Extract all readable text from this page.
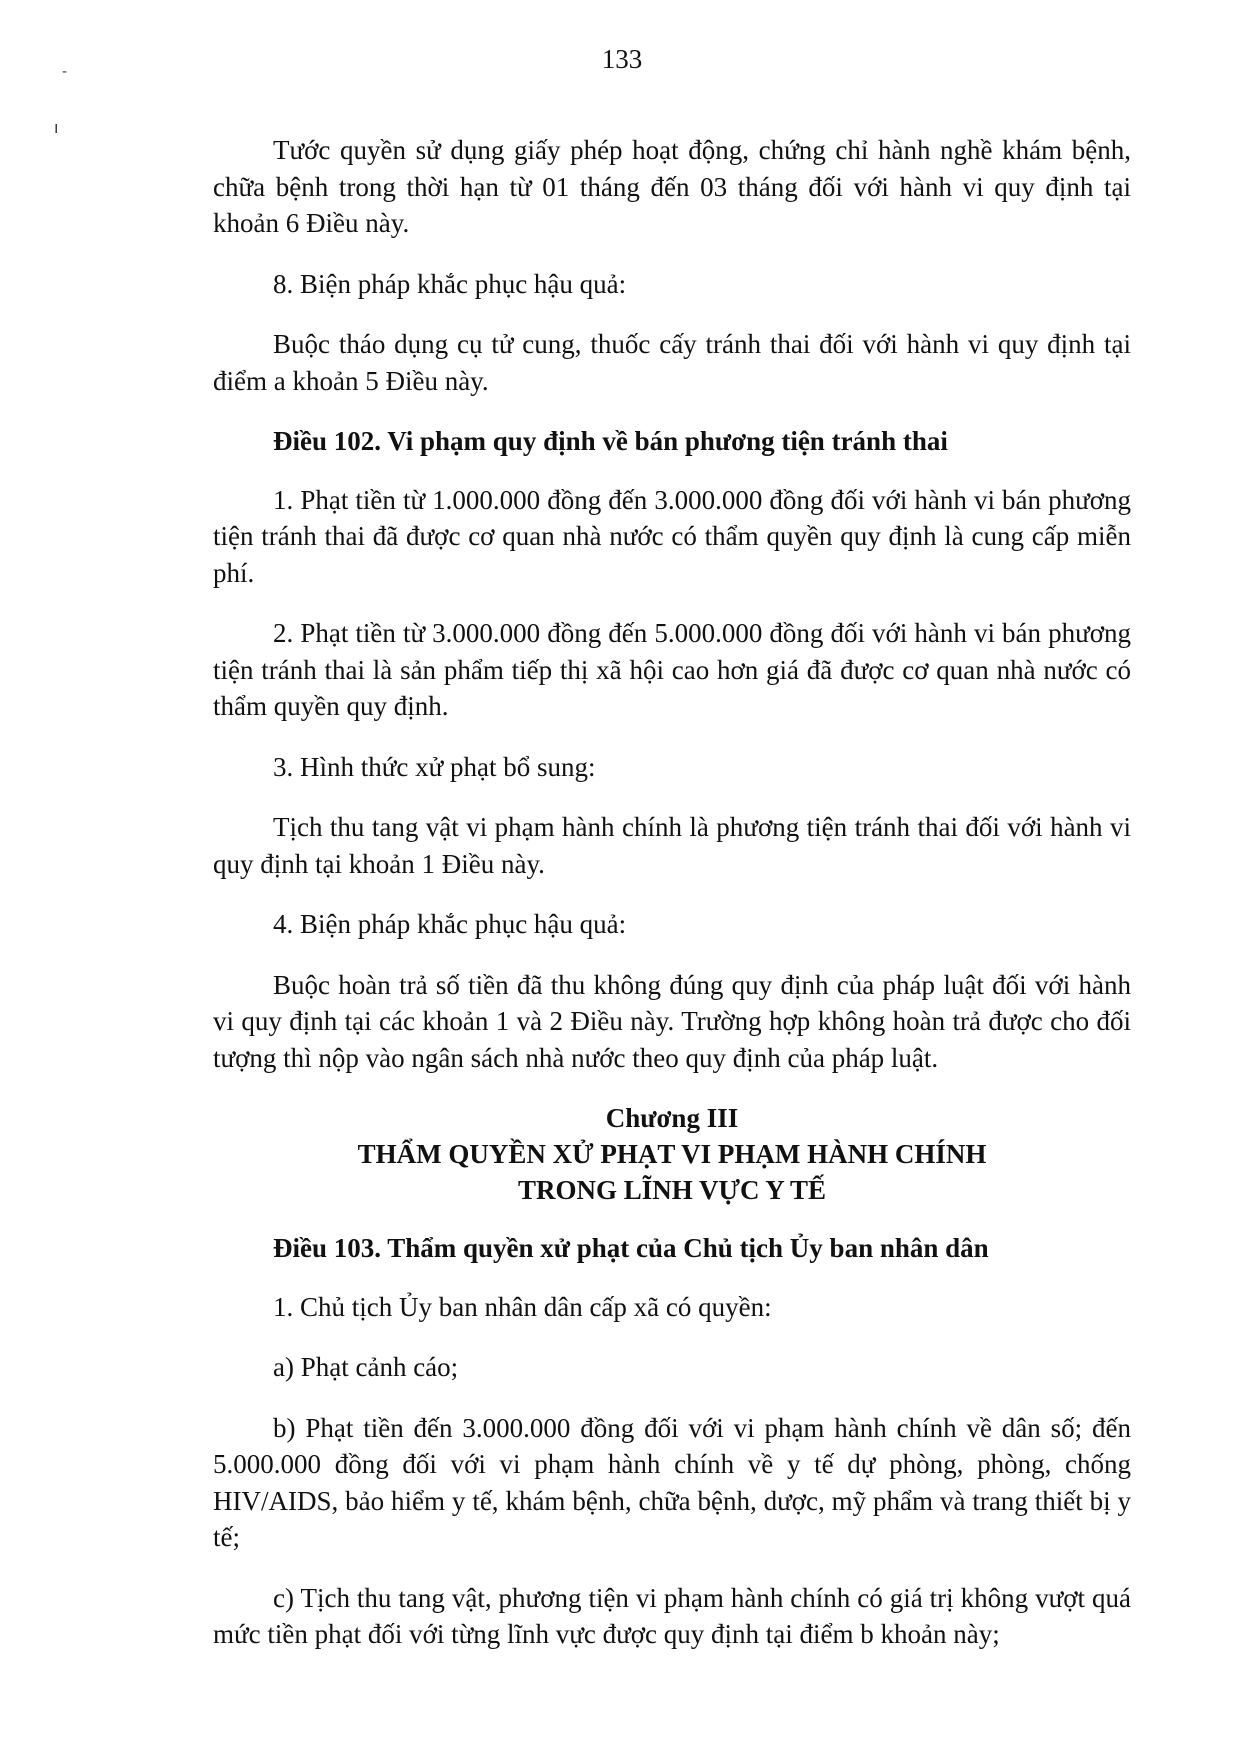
-
ı
133

Tước quyền sử dụng giấy phép hoạt động, chứng chỉ hành nghề khám bệnh, chữa bệnh trong thời hạn từ 01 tháng đến 03 tháng đối với hành vi quy định tại khoản 6 Điều này.

8. Biện pháp khắc phục hậu quả:

Buộc tháo dụng cụ tử cung, thuốc cấy tránh thai đối với hành vi quy định tại điểm a khoản 5 Điều này.

Điều 102. Vi phạm quy định về bán phương tiện tránh thai

1. Phạt tiền từ 1.000.000 đồng đến 3.000.000 đồng đối với hành vi bán phương tiện tránh thai đã được cơ quan nhà nước có thẩm quyền quy định là cung cấp miễn phí.

2. Phạt tiền từ 3.000.000 đồng đến 5.000.000 đồng đối với hành vi bán phương tiện tránh thai là sản phẩm tiếp thị xã hội cao hơn giá đã được cơ quan nhà nước có thẩm quyền quy định.

3. Hình thức xử phạt bổ sung:

Tịch thu tang vật vi phạm hành chính là phương tiện tránh thai đối với hành vi quy định tại khoản 1 Điều này.

4. Biện pháp khắc phục hậu quả:

Buộc hoàn trả số tiền đã thu không đúng quy định của pháp luật đối với hành vi quy định tại các khoản 1 và 2 Điều này. Trường hợp không hoàn trả được cho đối tượng thì nộp vào ngân sách nhà nước theo quy định của pháp luật.

Chương III
THẨM QUYỀN XỬ PHẠT VI PHẠM HÀNH CHÍNH
TRONG LĨNH VỰC Y TẾ
Điều 103. Thẩm quyền xử phạt của Chủ tịch Ủy ban nhân dân

1. Chủ tịch Ủy ban nhân dân cấp xã có quyền:

a) Phạt cảnh cáo;

b) Phạt tiền đến 3.000.000 đồng đối với vi phạm hành chính về dân số; đến 5.000.000 đồng đối với vi phạm hành chính về y tế dự phòng, phòng, chống HIV/AIDS, bảo hiểm y tế, khám bệnh, chữa bệnh, dược, mỹ phẩm và trang thiết bị y tế;

c) Tịch thu tang vật, phương tiện vi phạm hành chính có giá trị không vượt quá mức tiền phạt đối với từng lĩnh vực được quy định tại điểm b khoản này;
